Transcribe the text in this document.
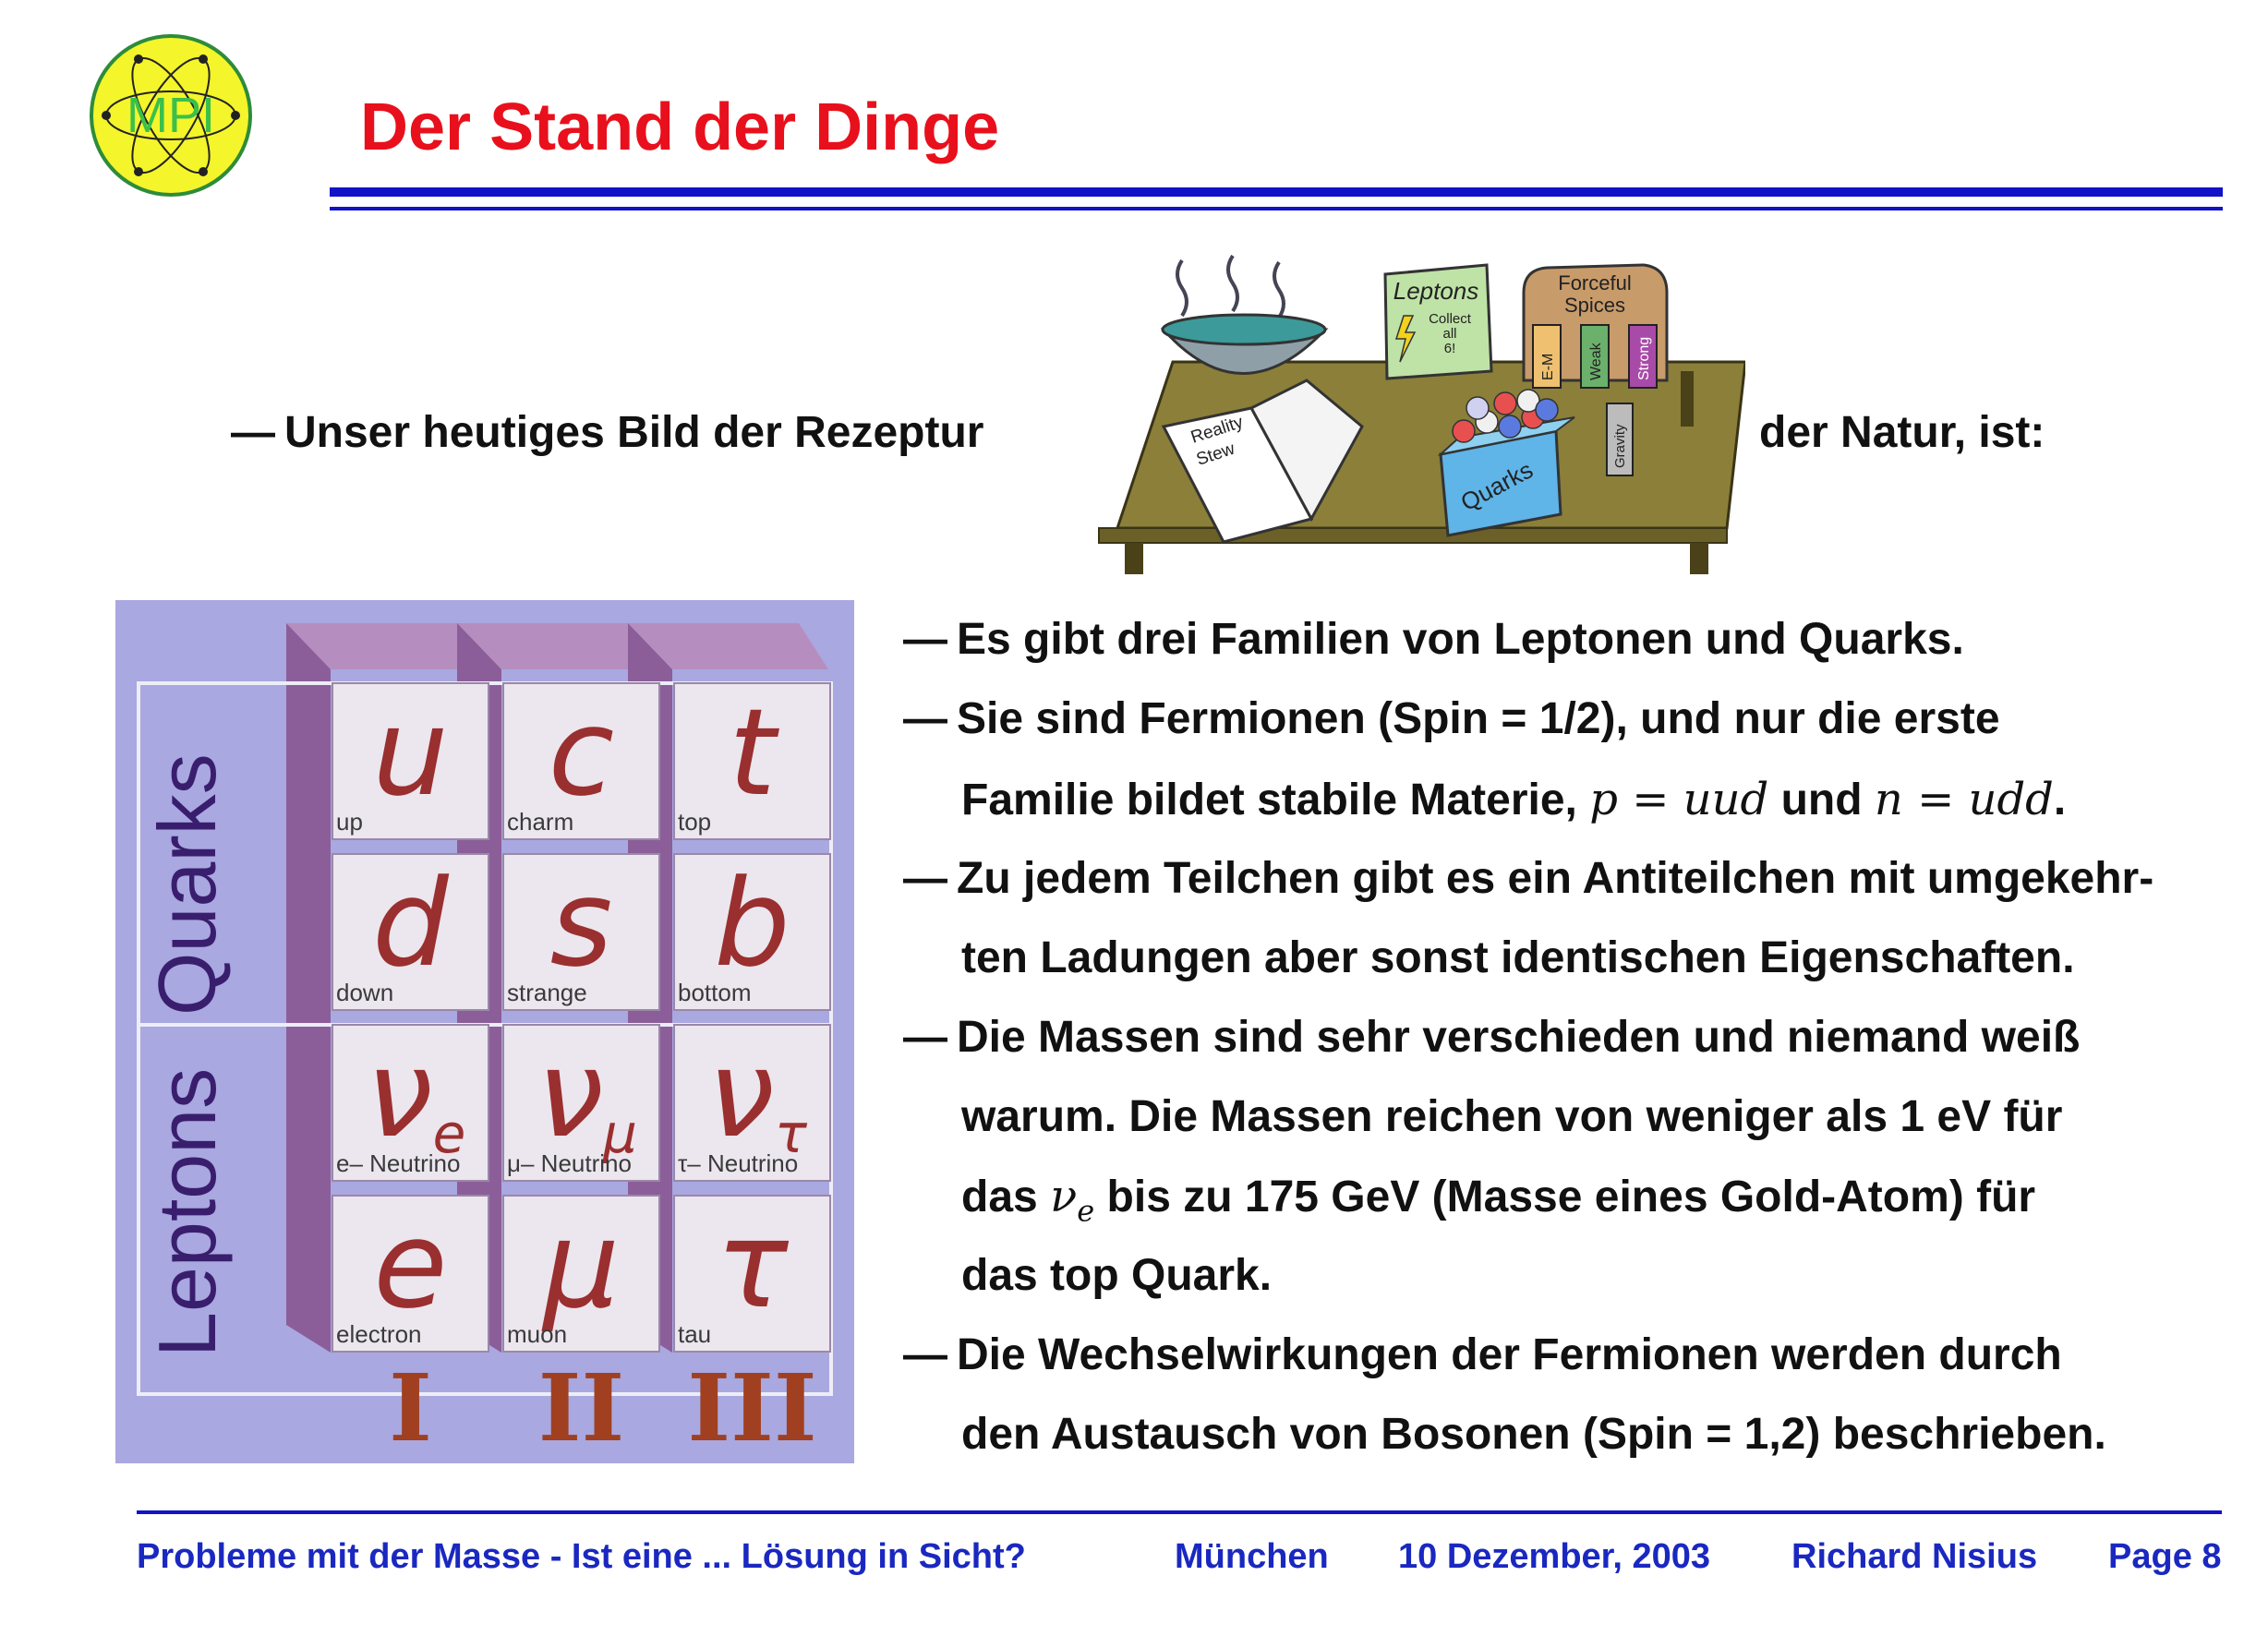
MPI Der Stand der Dinge
— Unser heutiges Bild der Rezeptur	der Natur, ist:
Leptons
Collect
all
6!
Forceful
Spices
E-M Weak Strong
Gravity
Reality
Stew
Quarks
Quarks
Leptons
u
up c
charm t
top
d
down s
strange b
bottom
ν e
e– Neutrino ν μ
μ– Neutrino ν τ
τ– Neutrino
e
electron μ
muon τ
tau
I II III
— Es gibt drei Familien von Leptonen und Quarks.
— Sie sind Fermionen (Spin = 1/2), und nur die erste
Familie bildet stabile Materie, p = uud und n = udd.
— Zu jedem Teilchen gibt es ein Antiteilchen mit umgekehr-
ten Ladungen aber sonst identischen Eigenschaften.
— Die Massen sind sehr verschieden und niemand weiß
warum. Die Massen reichen von weniger als 1 eV für
das $\nu_e$ bis zu 175 GeV (Masse eines Gold-Atom) für
das top Quark.
— Die Wechselwirkungen der Fermionen werden durch
den Austausch von Bosonen (Spin = 1,2) beschrieben.
Probleme mit der Masse - Ist eine ... Lösung in Sicht?	München 10 Dezember, 2003 Richard Nisius Page 8
